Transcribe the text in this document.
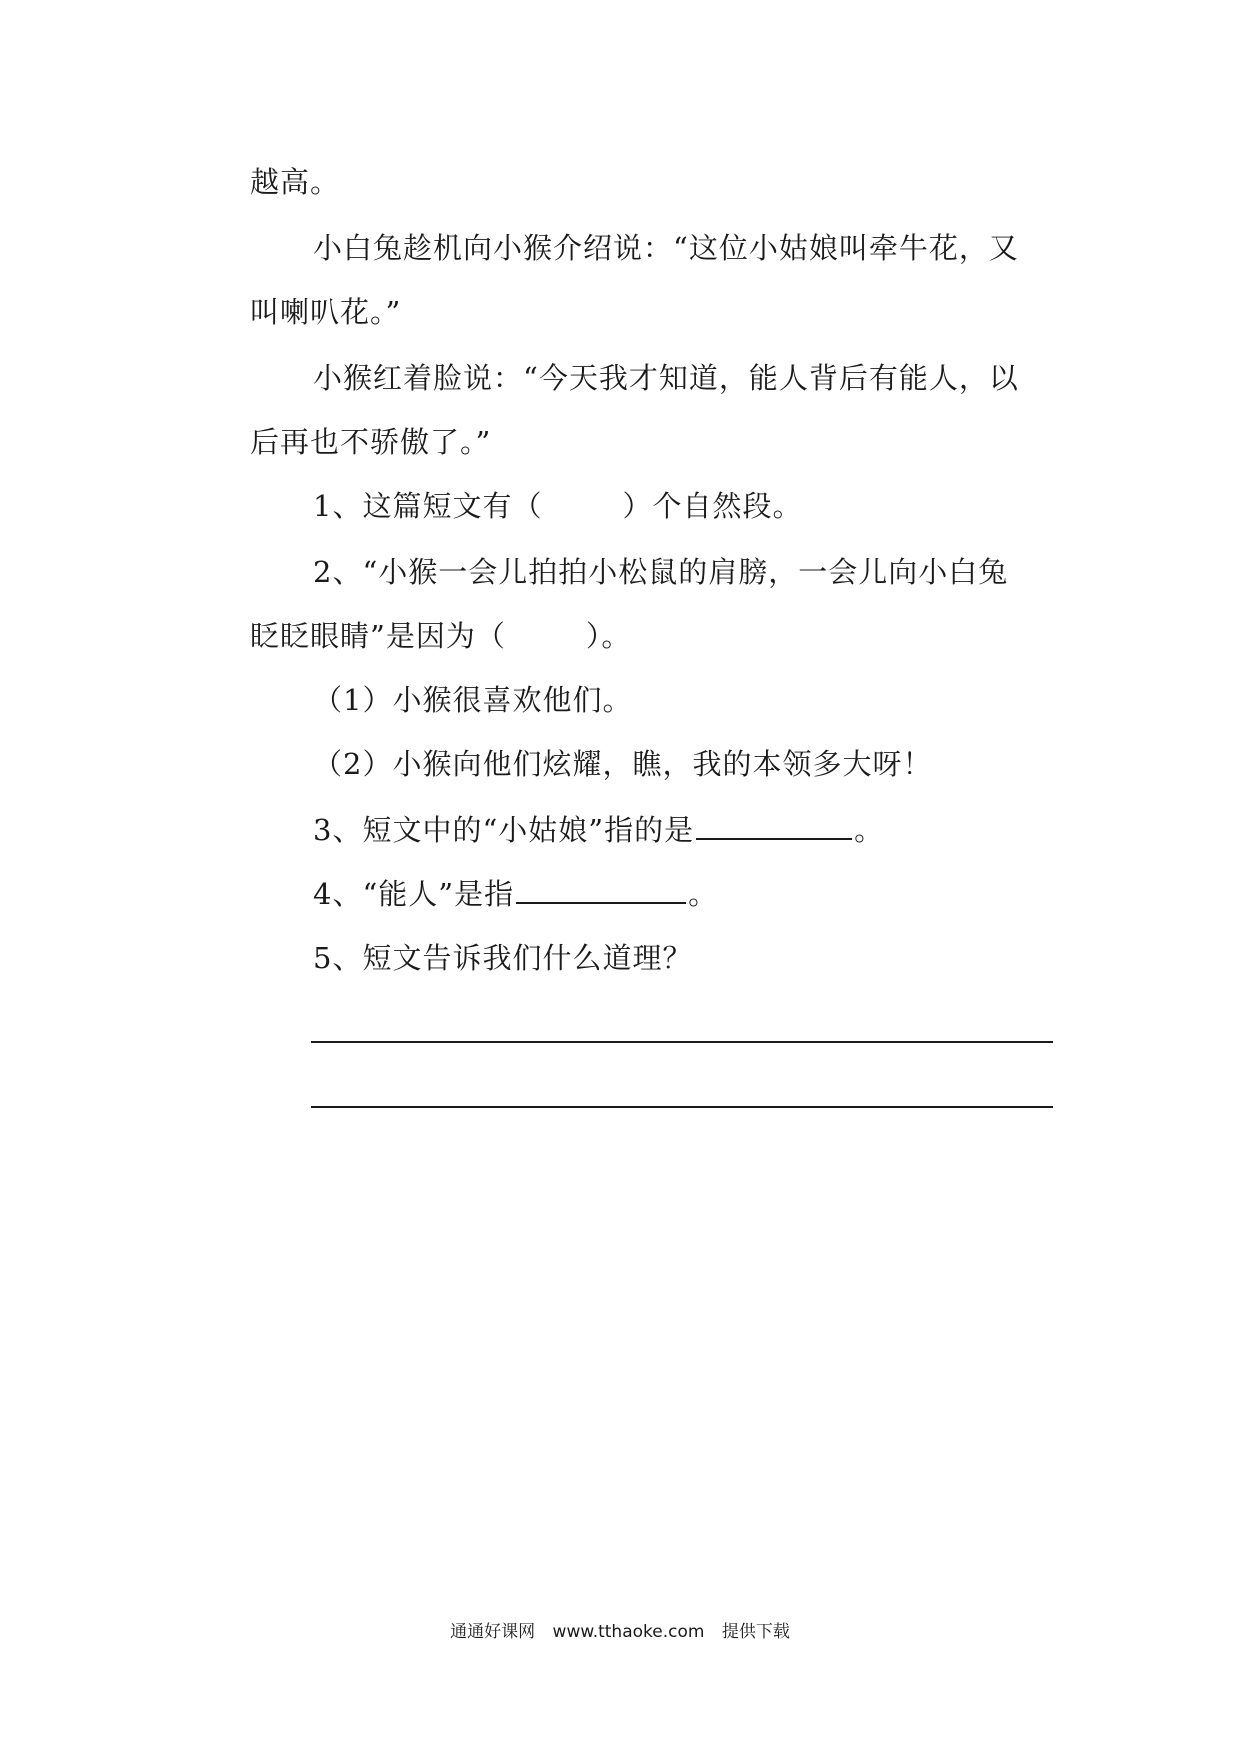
越高。
小白兔趁机向小猴介绍说：“这位小姑娘叫牵牛花，又
叫喇叭花。”
小猴红着脸说：“今天我才知道，能人背后有能人，以
后再也不骄傲了。”
1、这篇短文有（	）个自然段。
2、“小猴一会儿拍拍小松鼠的肩膀，一会儿向小白兔
眨眨眼睛”是因为（	）。
（1）小猴很喜欢他们。
（2）小猴向他们炫耀，瞧，我的本领多大呀！
3、短文中的“小姑娘”指的是	。
4、“能人”是指	。
5、短文告诉我们什么道理？
通通好课网 www.tthaoke.com 提供下载
